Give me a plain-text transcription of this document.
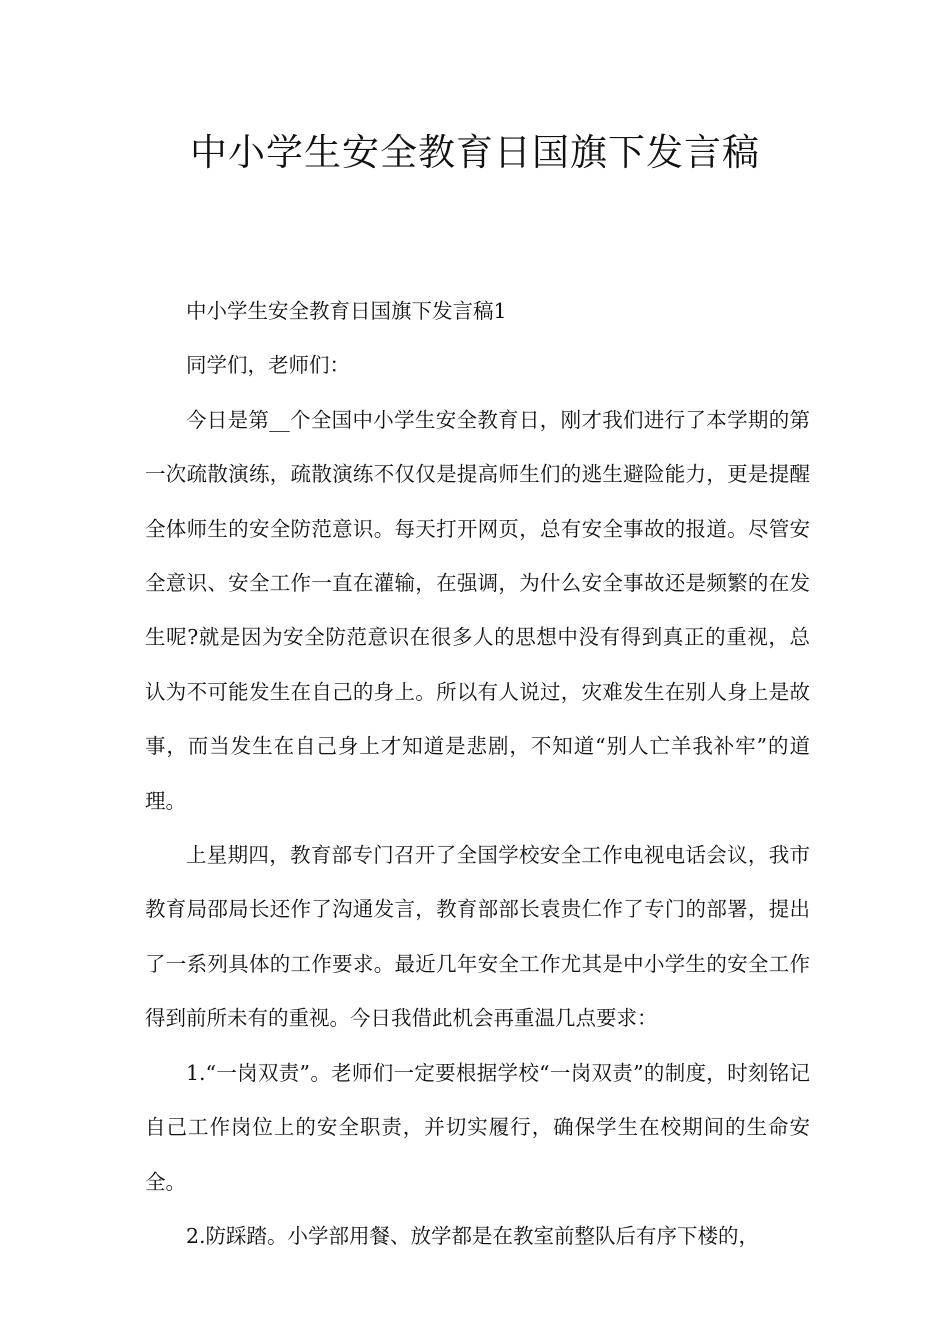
中小学生安全教育日国旗下发言稿

中小学生安全教育日国旗下发言稿1

同学们，老师们：

今日是第__个全国中小学生安全教育日，刚才我们进行了本学期的第一次疏散演练，疏散演练不仅仅是提高师生们的逃生避险能力，更是提醒全体师生的安全防范意识。每天打开网页，总有安全事故的报道。尽管安全意识、安全工作一直在灌输，在强调，为什么安全事故还是频繁的在发生呢?就是因为安全防范意识在很多人的思想中没有得到真正的重视，总认为不可能发生在自己的身上。所以有人说过，灾难发生在别人身上是故事，而当发生在自己身上才知道是悲剧，不知道“别人亡羊我补牢”的道理。

上星期四，教育部专门召开了全国学校安全工作电视电话会议，我市教育局邵局长还作了沟通发言，教育部部长袁贵仁作了专门的部署，提出了一系列具体的工作要求。最近几年安全工作尤其是中小学生的安全工作得到前所未有的重视。今日我借此机会再重温几点要求：

1.“一岗双责”。老师们一定要根据学校“一岗双责”的制度，时刻铭记自己工作岗位上的安全职责，并切实履行，确保学生在校期间的生命安全。

2.防踩踏。小学部用餐、放学都是在教室前整队后有序下楼的，
